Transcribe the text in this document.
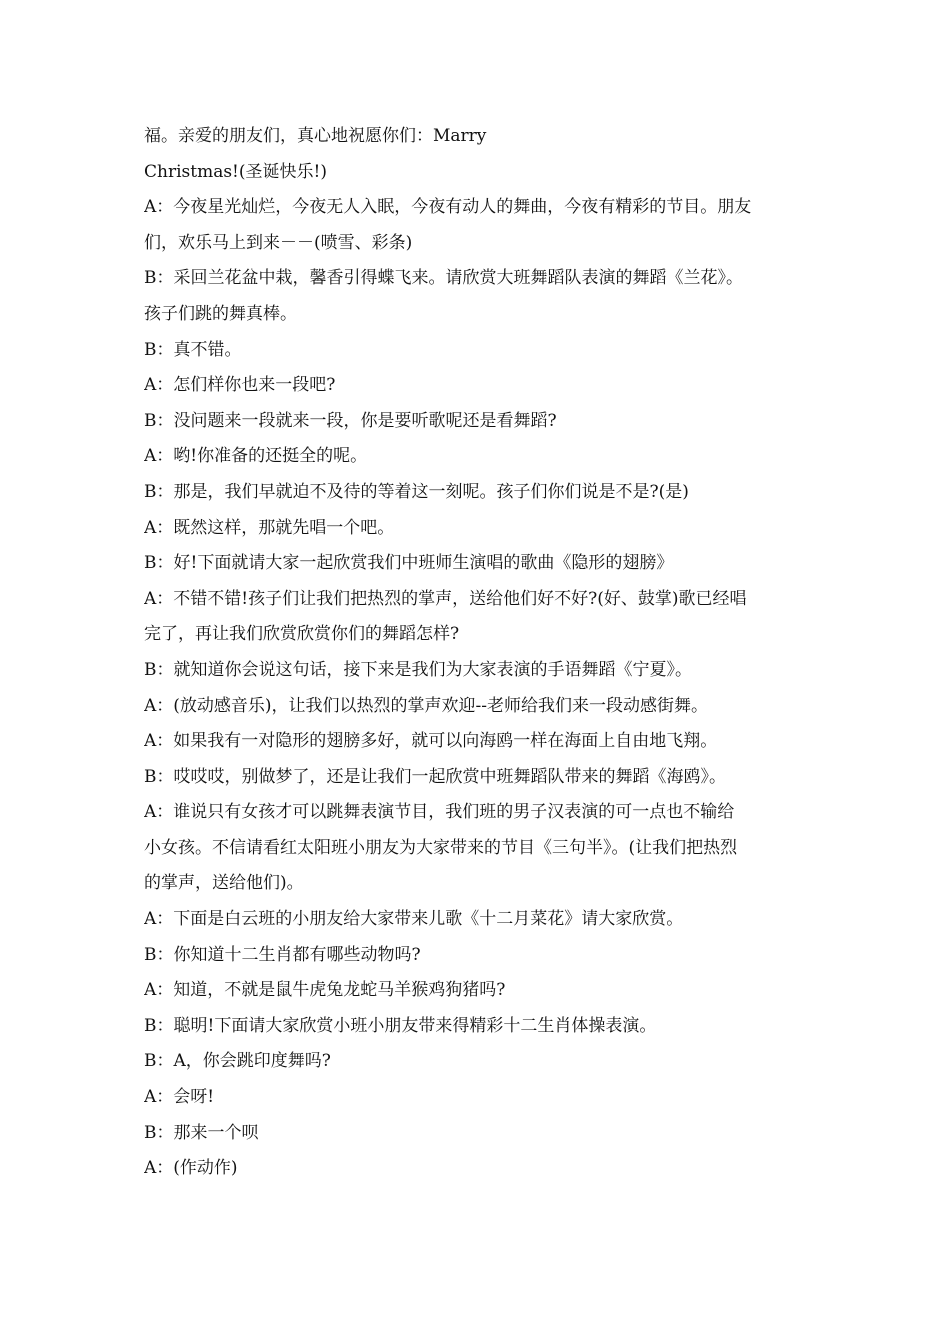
福。亲爱的朋友们，真心地祝愿你们：Marry
Christmas!(圣诞快乐!)
A：今夜星光灿烂，今夜无人入眠，今夜有动人的舞曲，今夜有精彩的节目。朋友
们，欢乐马上到来－－(喷雪、彩条)
B：采回兰花盆中栽，馨香引得蝶飞来。请欣赏大班舞蹈队表演的舞蹈《兰花》。
孩子们跳的舞真棒。
B：真不错。
A：怎们样你也来一段吧?
B：没问题来一段就来一段，你是要听歌呢还是看舞蹈?
A：哟!你准备的还挺全的呢。
B：那是，我们早就迫不及待的等着这一刻呢。孩子们你们说是不是?(是)
A：既然这样，那就先唱一个吧。
B：好!下面就请大家一起欣赏我们中班师生演唱的歌曲《隐形的翅膀》
A：不错不错!孩子们让我们把热烈的掌声，送给他们好不好?(好、鼓掌)歌已经唱
完了，再让我们欣赏欣赏你们的舞蹈怎样?
B：就知道你会说这句话，接下来是我们为大家表演的手语舞蹈《宁夏》。
A：(放动感音乐)，让我们以热烈的掌声欢迎--老师给我们来一段动感街舞。
A：如果我有一对隐形的翅膀多好，就可以向海鸥一样在海面上自由地飞翔。
B：哎哎哎，别做梦了，还是让我们一起欣赏中班舞蹈队带来的舞蹈《海鸥》。
A：谁说只有女孩才可以跳舞表演节目，我们班的男子汉表演的可一点也不输给
小女孩。不信请看红太阳班小朋友为大家带来的节目《三句半》。(让我们把热烈
的掌声，送给他们)。
A：下面是白云班的小朋友给大家带来儿歌《十二月菜花》请大家欣赏。
B：你知道十二生肖都有哪些动物吗?
A：知道，不就是鼠牛虎兔龙蛇马羊猴鸡狗猪吗?
B：聪明!下面请大家欣赏小班小朋友带来得精彩十二生肖体操表演。
B：A，你会跳印度舞吗?
A：会呀!
B：那来一个呗
A：(作动作)
